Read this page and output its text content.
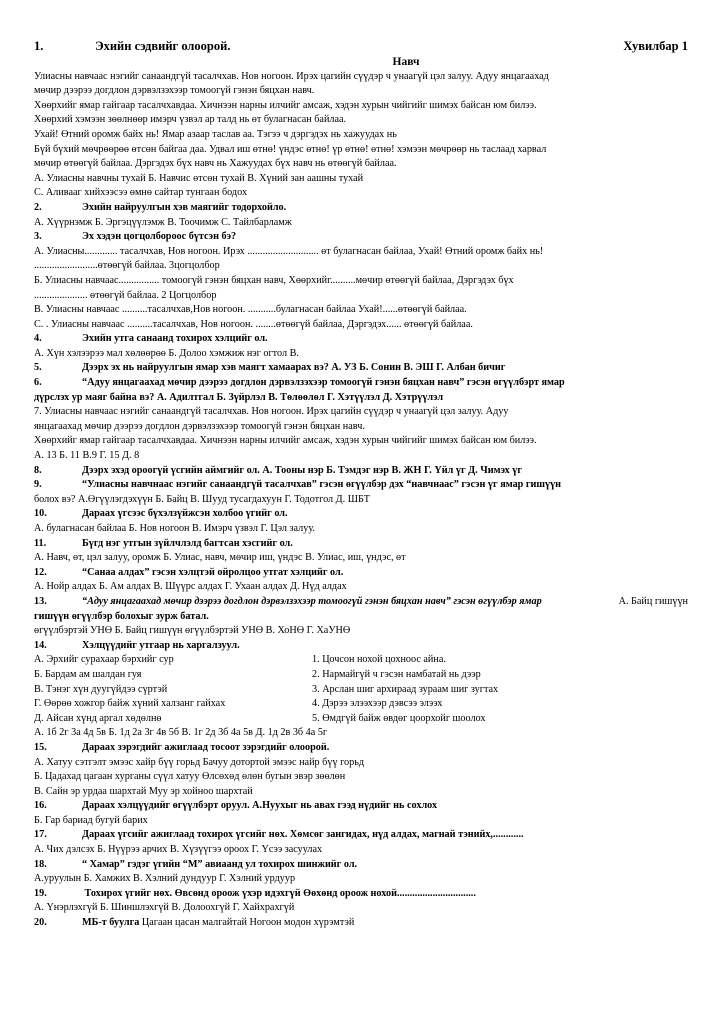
1.	Эхийн сэдвийг олоорой.	Хувилбар 1
Навч
Улиасны навчаас нэгийг санаандгүй тасалчхав. Нов ногоон. Ирэх цагийн сүүдэр ч унаагүй цэл залуу. Адуу янцагаахад
мөчир дээрээ догдлон дэрвэлзэхээр томоогүй гэнэн бяцхан навч.
Хөөрхийг ямар гайгаар тасалчхавдаа. Хичнээн нарны илчийг амсаж, хэдэн хурын чийгийг шимэх байсан юм билээ.
Хөөрхий хэмээн зөөлнөөр имэрч үзвэл ар талд нь өт булагнасан байлаа.
Ухай! Өтний оромж байх нь! Ямар азаар таслав аа. Тэгээ ч дэргэдэх нь хажуудах нь
Бүй бүхий мөчрөөрөө өтсөн байгаа даа. Удвал иш өтнө! үндэс өтнө! үр өтнө! өтнө! хэмээн мөчрөөр нь таслаад харвал
мөчир өтөөгүй байлаа. Дэргэдэх бүх навч нь Хажуудах бүх навч нь өтөөгүй байлаа.
А. Улиасны навчны тухай Б. Навчис өтсөн тухай В. Хүний зан аашны тухай
С. Аливааг хийхээсээ өмнө сайтар тунгаан бодох
2.	Эхийн найруулгын хэв маягийг тодорхойло.
А. Хүүрнэмж Б. Эргэцүүлэмж В. Тоочимж С. Тайлбарламж
3.	Эх хэдэн цогцолбороос бүтсэн бэ?
А. Улиасны............. тасалчхав, Нов ногоон. Ирэх ............................ өт булагнасан байлаа, Ухай! Өтний оромж байх нь!
.........................өтөөгүй байлаа. 3цогцолбор
Б. Улиасны навчаас................ томоогүй гэнэн бяцхан навч, Хөөрхийг..........мөчир өтөөгүй байлаа, Дэргэдэх бүх
..................... өтөөгүй байлаа. 2 Цогцолбор
В. Улиасны навчаас ..........тасалчхав,Нов ногоон. ...........булагнасан байлаа Ухай!......өтөөгүй байлаа.
С. . Улиасны навчаас ..........тасалчхав, Нов ногоон. ........өтөөгүй байлаа, Дэргэдэх...... өтөөгүй байлаа.
4.	Эхийн утга санаанд тохирох хэлцийг ол.
А. Хүн хэлээрээ мал хөлөөрөө Б. Долоо хэмжиж нэг огтол В.
5.	Дээрх эх нь найруулгын ямар хэв маягт хамаарах вэ? А. УЗ Б. Сонин В. ЭШ Г. Албан бичиг
6.	“Адуу янцагаахад мөчир дээрээ догдлон дэрвэлзэхээр томоогүй гэнэн бяцхан навч” гэсэн өгүүлбэрт ямар
дүрслэх ур маяг байна вэ? А. Адилтгал Б. Зүйрлэл В. Төлөөлөл Г. Хэтүүлэл Д. Хэтрүүлэл
7. Улиасны навчаас нэгийг санаандгүй тасалчхав. Нов ногоон. Ирэх цагийн сүүдэр ч унаагүй цэл залуу. Адуу
янцагаахад мөчир дээрээ догдлон дэрвэлзэхээр томоогүй гэнэн бяцхан навч.
Хөөрхийг ямар гайгаар тасалчхавдаа. Хичнээн нарны илчийг амсаж, хэдэн хурын чийгийг шимэх байсан юм билээ.
А. 13 Б. 11 В.9 Г. 15 Д. 8
8.	Дээрх эхэд ороогүй үсгийн аймгийг ол. А. Тооны нэр Б. Тэмдэг нэр В. ЖН Г. Үйл үг Д. Чимэх үг
9.	“Улиасны навчнаас нэгийг санаандгүй тасалчхав” гэсэн өгүүлбэр дэх “навчнаас” гэсэн үг ямар гишүүн
болох вэ? А.Өгүүлэгдэхүүн Б. Байц В. Шууд тусагдахуун Г. Тодотгол Д. ШБТ
10.	Дараах үгсээс бүхэлзүйжсэн холбоо үгийг ол.
А. булагнасан байлаа Б. Нов ногоон В. Имэрч үзвэл Г. Цэл залуу.
11.	Бүгд нэг утгын зүйлчлэлд багтсан хэсгийг ол.
А. Навч, өт, цэл залуу, оромж Б. Улиас, навч, мөчир иш, үндэс В. Улиас, иш, үндэс, өт
12.	“Санаа алдах” гэсэн хэлцтэй ойролцоо утгат хэлцийг ол.
А. Нойр алдах Б. Ам алдах В. Шүүрс алдах Г. Ухаан алдах Д. Нүд алдах
13.	“Адуу янцагаахад мөчир дээрээ догдлон дэрвэлзэхээр томоогүй гэнэн бяцхан навч” гэсэн өгүүлбэр ямар	А. Байц гишүүн
гишүүн өгүүлбэр болохыг зурж батал.
өгүүлбэртэй УНӨ Б. Байц гишүүн өгүүлбэртэй УНӨ В. ХоНӨ Г. ХаУНӨ
14.	Хэлцүүдийг утгаар нь харгалзуул.
А. Эрхийг сурахаар бэрхийг сур	1. Цочсон нохой цохноос айна.
Б. Бардам ам шалдан гуя	2. Нармайгүй ч гэсэн намбатай нь дээр
В. Тэнэг хүн дуугүйдээ сүртэй	3. Арслан шиг архираад зураам шиг зугтах
Г. Өөрөө хожгор байж хүний халзанг гайхах	4. Дэрээ элээхээр дэвсээ элээх
Д. Айсан хүнд аргал хөдөлнө	5. Өмдгүй байж өвдөг цоорхойг шоолох
А. 1б 2г 3а 4д 5в Б. 1д 2а 3г 4в 5б В. 1г 2д 3б 4а 5в Д. 1д 2в 3б 4а 5г
15.	Дараах зэрэгдийг ажиглаад тосоот зэрэгдийг олоорой.
А. Хатуу сэтгэлт эмээс хайр бүү горьд Бачуу дотортой эмээс найр бүү горьд
Б. Цадахад цагаан хурганы сүүл хатуу Өлсөхөд өлөн бугын эвэр зөөлөн
В. Сайн эр урдаа шархтай Муу эр хойноо шархтай
16.	Дараах хэлцүүдийг өгүүлбэрт оруул. А.Нуухыг нь авах гээд нүдийг нь сохлох
Б. Гар бариад бугуй барих
17.	Дараах үгсийг ажиглаад тохирох үгсийг нөх. Хөмсөг зангидах, нүд алдах, магнай тэнийх,............
А. Чих дэлсэх Б. Нүүрээ арчих В. Хүзүүгээ ороох Г. Үсээ засуулах
18.	“ Хамар” гэдэг үгийн “М” авиаанд ул тохирох шинжийг ол.
А.уруулын Б. Хамжих В. Хэлний дундуур Г. Хэлний урдуур
19.	Тохирох үгийг нөх. Өвсөнд ороож үхэр идэхгүй Өөхөнд ороож нохой...............................
А. Үнэрлэхгүй Б. Шиншлэхгүй В. Долоохгүй Г. Хайхрахгүй
20.	МБ-т буулга Цагаан цасан малгайтай Ногоон модон хүрэмтэй
